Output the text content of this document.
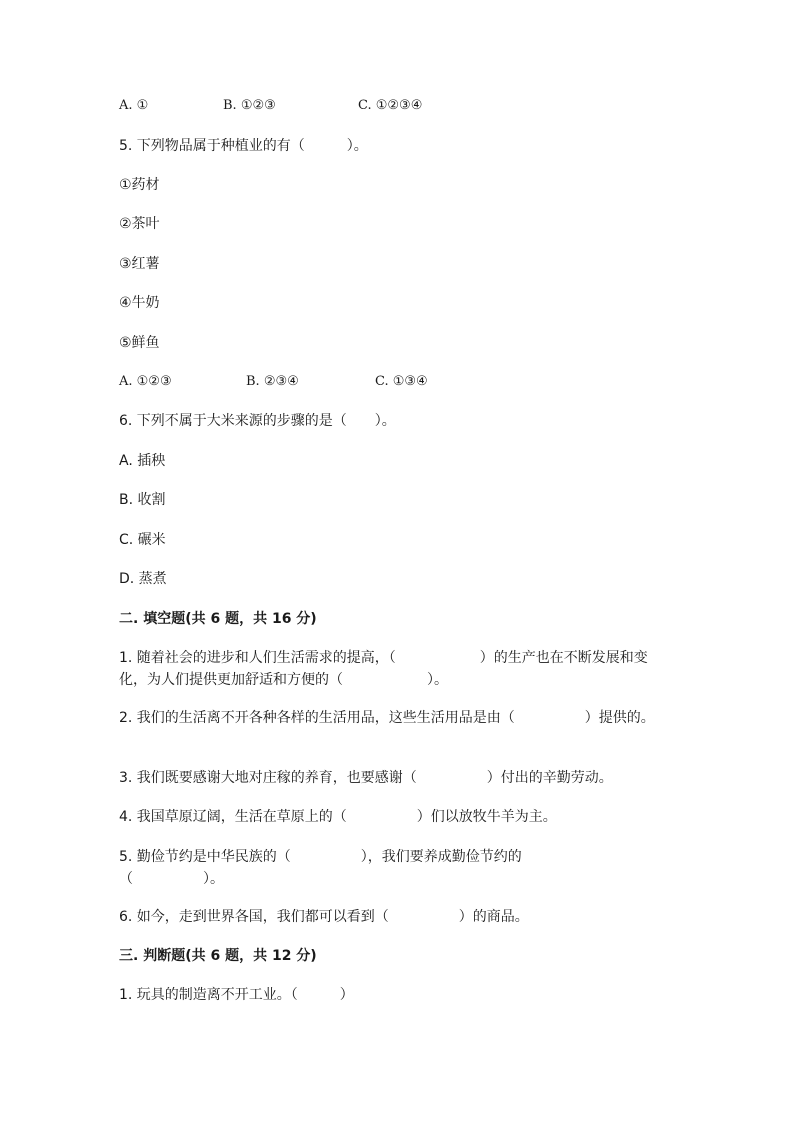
A. ①	B. ①②③	C. ①②③④
5. 下列物品属于种植业的有（　　　）。
①药材
②茶叶
③红薯
④牛奶
⑤鲜鱼
A. ①②③	B. ②③④	C. ①③④
6. 下列不属于大米来源的步骤的是（　　）。
A. 插秧
B. 收割
C. 碾米
D. 蒸煮
二. 填空题(共 6 题，共 16 分)
1. 随着社会的进步和人们生活需求的提高，（　　　　　　）的生产也在不断发展和变化，为人们提供更加舒适和方便的（　　　　　　）。
2. 我们的生活离不开各种各样的生活用品，这些生活用品是由（　　　　　）提供的。
3. 我们既要感谢大地对庄稼的养育，也要感谢（　　　　　）付出的辛勤劳动。
4. 我国草原辽阔，生活在草原上的（　　　　　）们以放牧牛羊为主。
5. 勤俭节约是中华民族的（　　　　　），我们要养成勤俭节约的（　　　　　）。
6. 如今，走到世界各国，我们都可以看到（　　　　　）的商品。
三. 判断题(共 6 题，共 12 分)
1. 玩具的制造离不开工业。（　　　）
